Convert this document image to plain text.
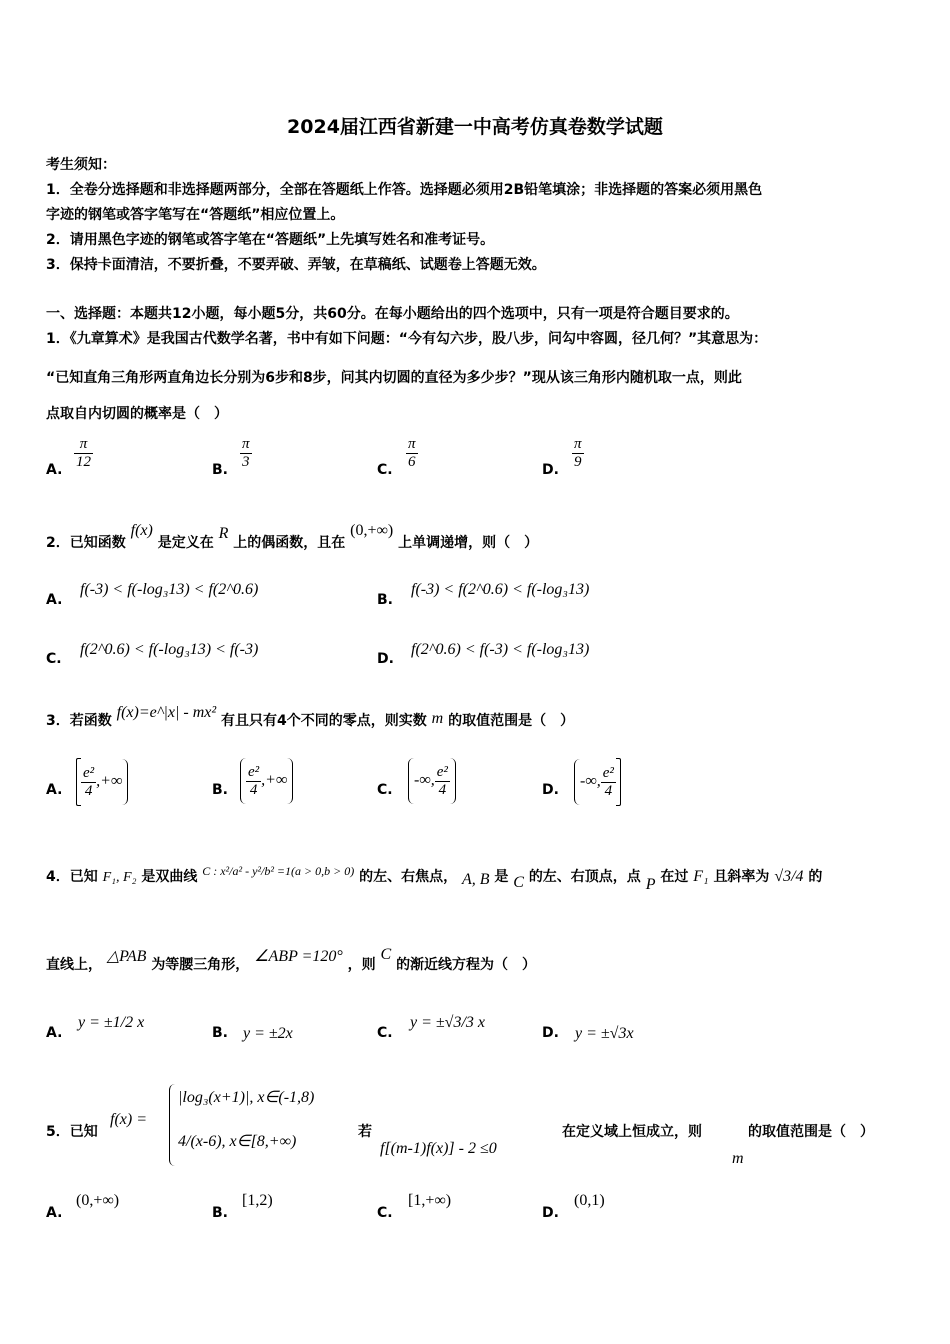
2024届江西省新建一中高考仿真卷数学试题
考生须知：
1．全卷分选择题和非选择题两部分，全部在答题纸上作答。选择题必须用2B铅笔填涂；非选择题的答案必须用黑色
字迹的钢笔或答字笔写在“答题纸”相应位置上。
2．请用黑色字迹的钢笔或答字笔在“答题纸”上先填写姓名和准考证号。
3．保持卡面清洁，不要折叠，不要弄破、弄皱，在草稿纸、试题卷上答题无效。
一、选择题：本题共12小题，每小题5分，共60分。在每小题给出的四个选项中，只有一项是符合题目要求的。
1．《九章算术》是我国古代数学名著，书中有如下问题：“今有勾六步，股八步，问勾中容圆，径几何？”其意思为：
“已知直角三角形两直角边长分别为6步和8步，问其内切圆的直径为多少步？”现从该三角形内随机取一点，则此
点取自内切圆的概率是（　）
A. $\frac{\pi}{12}$	B. $\frac{\pi}{3}$	C. $\frac{\pi}{6}$	D. $\frac{\pi}{9}$
2．已知函数 f(x) 是定义在 R 上的偶函数，且在 (0,+∞) 上单调递增，则（　）
A.
f(-3) < f(-log₃13) < f(2^0.6)
B.
f(-3) < f(2^0.6) < f(-log₃13)
C.
f(2^0.6) < f(-log₃13) < f(-3)
D.
f(2^0.6) < f(-3) < f(-log₃13)
3．若函数 f(x)=e^|x| - mx² 有且只有4个不同的零点，则实数 m 的取值范围是（　）
A. $\frac{\text{e²}}{4}$ ,+∞
B. $\frac{\text{e²}}{4}$ ,+∞
C.
-∞, $\frac{\text{e²}}{4}$	D.
-∞, $\frac{\text{e²}}{4}$
4．已知 F₁, F₂ 是双曲线 C : x²/a² - y²/b² =1(a > 0,b > 0) 的左、右焦点， A, B 是 C 的左、右顶点，点 P 在过 F₁ 且斜率为 √3/4 的
直线上， △PAB 为等腰三角形， ∠ABP =120° ，则 C 的渐近线方程为（　）
A.
y = ±1/2 x
B. y = ±2x	C.
y = ±√3/3 x
D. y = ±√3x
5．已知
f(x) =
|log₃(x+1)|, x∈(-1,8)
4/(x-6), x∈[8,+∞)
若
f[(m-1)f(x)] - 2 ≤0
在定义域上恒成立，则
m
的取值范围是（　）
A.
(0,+∞)
B.
[1,2)
C.
[1,+∞)
D.
(0,1)
